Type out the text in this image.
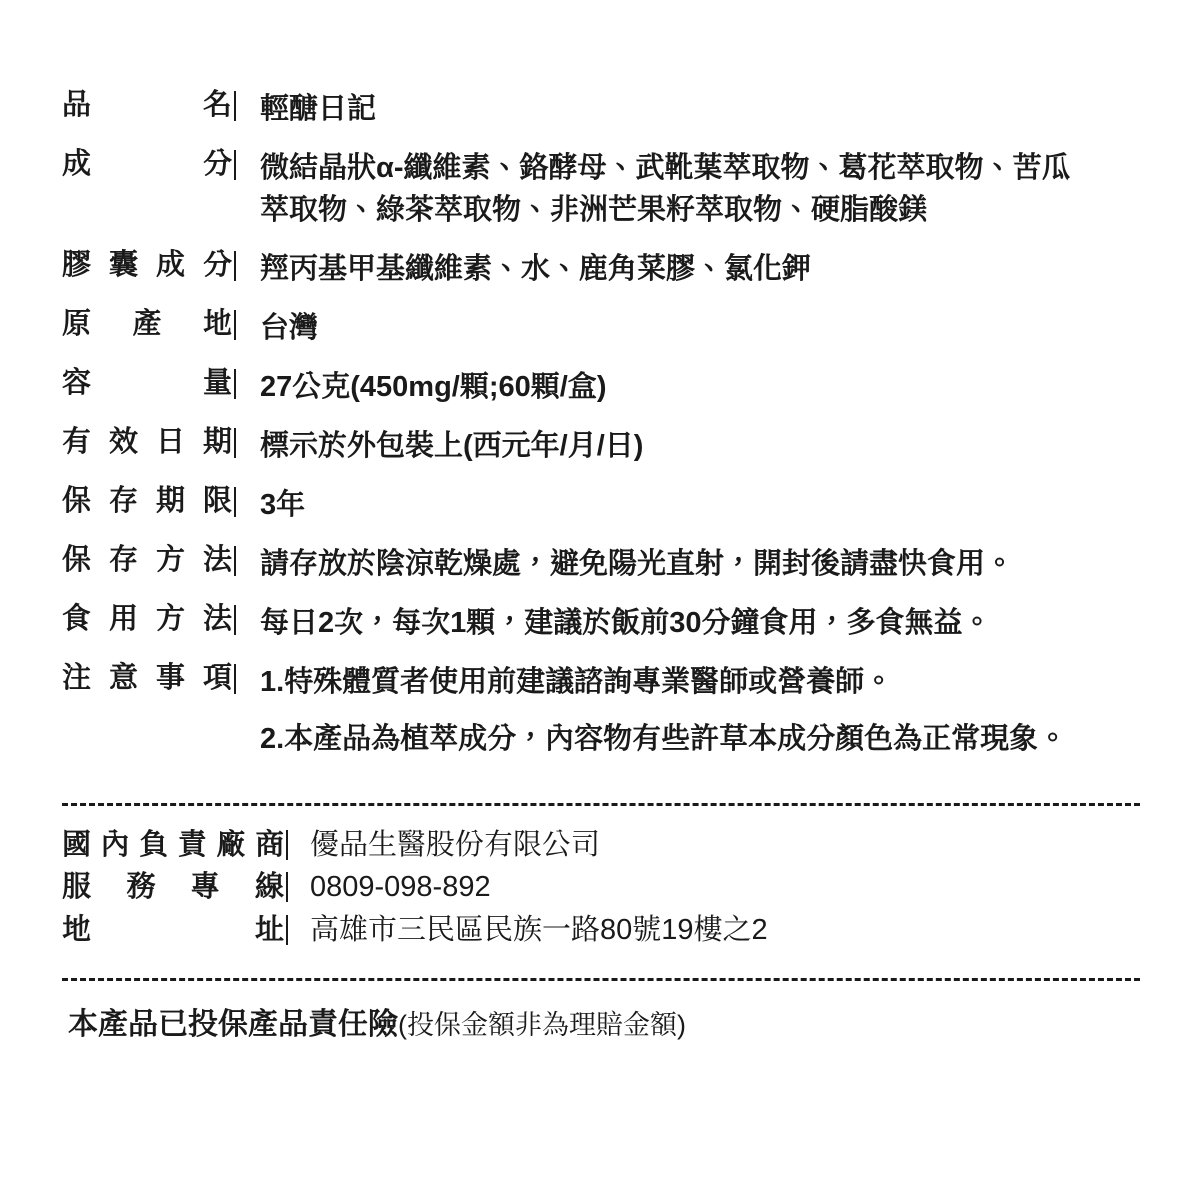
品 名		輕醣日記

成 分		微結晶狀α-纖維素、鉻酵母、武靴葉萃取物、葛花萃取物、苦瓜
萃取物、綠茶萃取物、非洲芒果籽萃取物、硬脂酸鎂

膠 囊 成 分		羥丙基甲基纖維素、水、鹿角菜膠、氯化鉀

原 產 地		台灣

容 量		27公克(450mg/顆;60顆/盒)

有 效 日 期		標示於外包裝上(西元年/月/日)

保 存 期 限		3年

保 存 方 法		請存放於陰涼乾燥處，避免陽光直射，開封後請盡快食用。

食 用 方 法		每日2次，每次1顆，建議於飯前30分鐘食用，多食無益。

注 意 事 項		1.特殊體質者使用前建議諮詢專業醫師或營養師。
2.本產品為植萃成分，內容物有些許草本成分顏色為正常現象。
國 內 負 責 廠 商		優品生醫股份有限公司

服 務 專 線		0809-098-892

地 址		高雄市三民區民族一路80號19樓之2
本產品已投保產品責任險(投保金額非為理賠金額)
